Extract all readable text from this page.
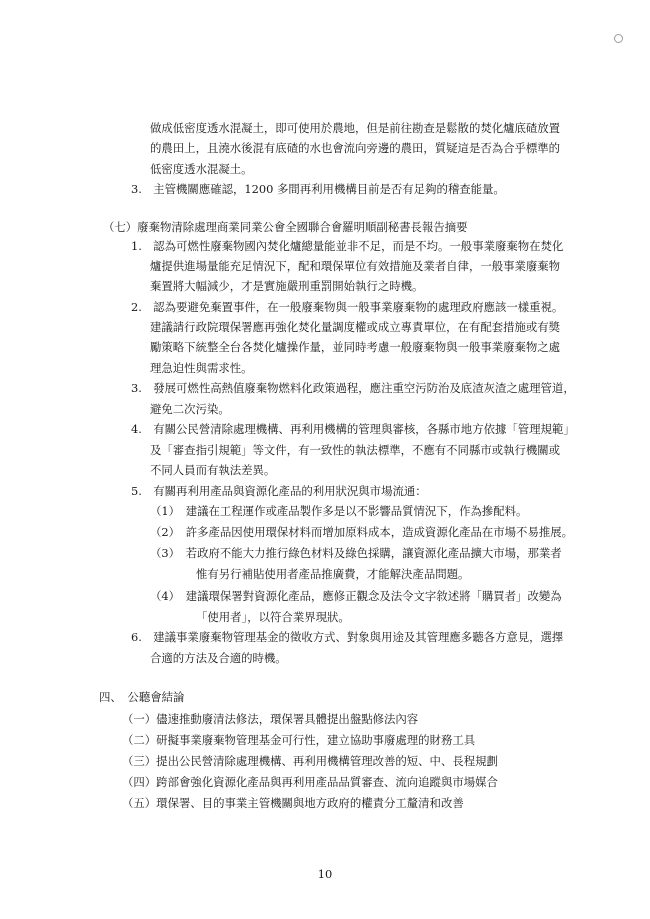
做成低密度透水混凝土，即可使用於農地，但是前往勘查是鬆散的焚化爐底碴放置
的農田上，且澆水後混有底碴的水也會流向旁邊的農田，質疑這是否為合乎標準的
低密度透水混凝土。
3.　主管機關應確認，1200 多間再利用機構目前是否有足夠的稽查能量。
（七）廢棄物清除處理商業同業公會全國聯合會羅明順副秘書長報告摘要
1.　認為可燃性廢棄物國內焚化爐總量能並非不足，而是不均。一般事業廢棄物在焚化
爐提供進場量能充足情況下，配和環保單位有效措施及業者自律，一般事業廢棄物
棄置將大幅減少，才是實施嚴刑重罰開始執行之時機。
2.　認為要避免棄置事件，在一般廢棄物與一般事業廢棄物的處理政府應該一樣重視。
建議請行政院環保署應再強化焚化量調度權或成立專責單位，在有配套措施或有獎
勵策略下統整全台各焚化爐操作量，並同時考慮一般廢棄物與一般事業廢棄物之處
理急迫性與需求性。
3.　發展可燃性高熱值廢棄物燃料化政策過程，應注重空污防治及底渣灰渣之處理管道，
避免二次污染。
4.　有關公民營清除處理機構、再利用機構的管理與審核，各縣市地方依據「管理規範」
及「審查指引規範」等文件，有一致性的執法標準，不應有不同縣市或執行機關或
不同人員而有執法差異。
5.　有關再利用產品與資源化產品的利用狀況與市場流通：
（1）　建議在工程運作或產品製作多是以不影響品質情況下，作為摻配料。
（2）　許多產品因使用環保材料而增加原料成本，造成資源化產品在市場不易推展。
（3）　若政府不能大力推行綠色材料及綠色採購，讓資源化產品擴大市場，那業者
惟有另行補貼使用者產品推廣費，才能解決產品問題。
（4）　建議環保署對資源化產品，應修正觀念及法令文字敘述將「購買者」改變為
「使用者」，以符合業界現狀。
6.　建議事業廢棄物管理基金的徵收方式、對象與用途及其管理應多聽各方意見，選擇
合適的方法及合適的時機。
四、　公聽會結論
（一）儘速推動廢清法修法，環保署具體提出盤點修法內容
（二）研擬事業廢棄物管理基金可行性，建立協助事廢處理的財務工具
（三）提出公民營清除處理機構、再利用機構管理改善的短、中、長程規劃
（四）跨部會強化資源化產品與再利用產品品質審查、流向追蹤與市場媒合
（五）環保署、目的事業主管機關與地方政府的權責分工釐清和改善
10
